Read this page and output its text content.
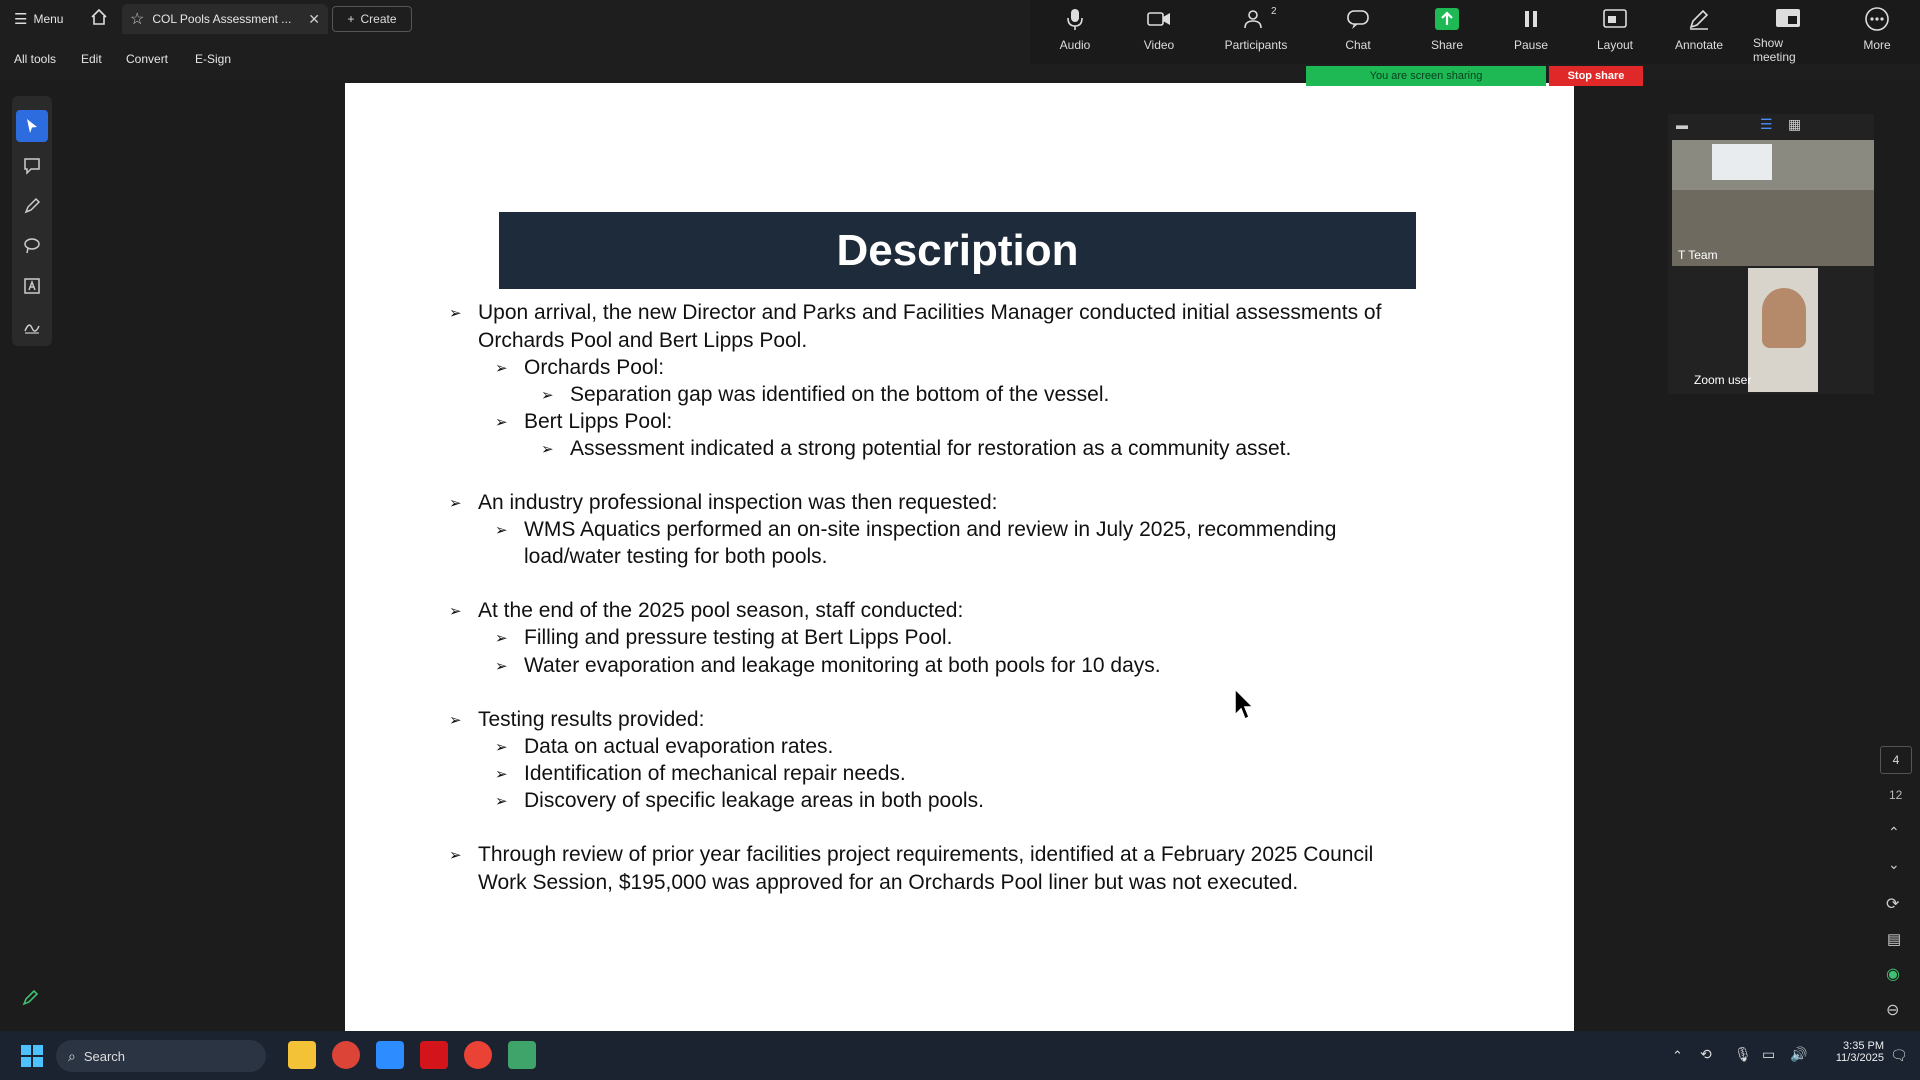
☰ Menu	☆ COL Pools Assessment ... ✕ + Create
All tools Edit Convert E-Sign
Description
➢ Upon arrival, the new Director and Parks and Facilities Manager conducted initial assessments of
Orchards Pool and Bert Lipps Pool.
➢ Orchards Pool:
➢ Separation gap was identified on the bottom of the vessel.
➢ Bert Lipps Pool:
➢ Assessment indicated a strong potential for restoration as a community asset.
➢ An industry professional inspection was then requested:
➢ WMS Aquatics performed an on-site inspection and review in July 2025, recommending
load/water testing for both pools.
➢ At the end of the 2025 pool season, staff conducted:
➢ Filling and pressure testing at Bert Lipps Pool.
➢ Water evaporation and leakage monitoring at both pools for 10 days.
➢ Testing results provided:
➢ Data on actual evaporation rates.
➢ Identification of mechanical repair needs.
➢ Discovery of specific leakage areas in both pools.
➢ Through review of prior year facilities project requirements, identified at a February 2025 Council
Work Session, $195,000 was approved for an Orchards Pool liner but was not executed.
Audio	Video
2
Participants	Chat	Share	Pause	Layout	Annotate Show meeting
More
You are screen sharing	Stop share
▬	☰ ▦
T Team
Zoom user
4
12
⌃
⌄
⟳
▤
◉
⊖
⌕ Search	⌃ ⟲ 🎙 ▭ 🔊	3:35 PM
11/3/2025 🗨
